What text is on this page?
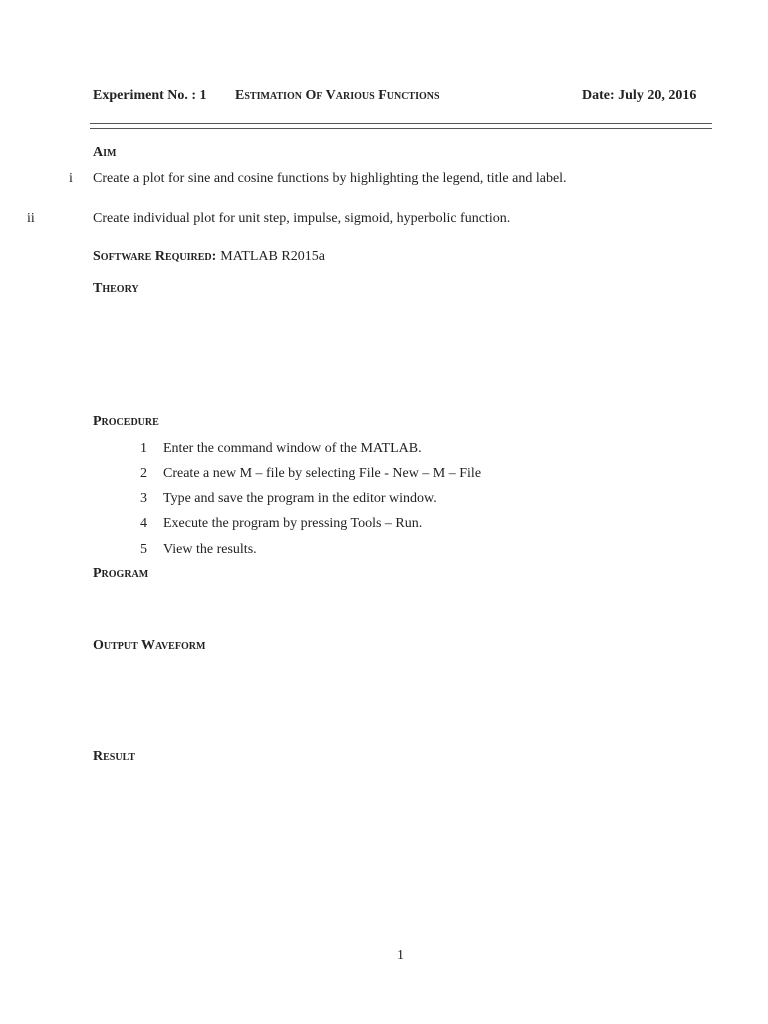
Experiment No. : 1 Estimation Of Various Functions	Date: July 20, 2016
Aim
i Create a plot for sine and cosine functions by highlighting the legend, title and label.
ii	Create individual plot for unit step, impulse, sigmoid, hyperbolic function.
Software Required: MATLAB R2015a
Theory
Procedure
1 Enter the command window of the MATLAB.
2 Create a new M – file by selecting File - New – M – File
3 Type and save the program in the editor window.
4 Execute the program by pressing Tools – Run.
5 View the results.
Program
Output Waveform
Result
1
